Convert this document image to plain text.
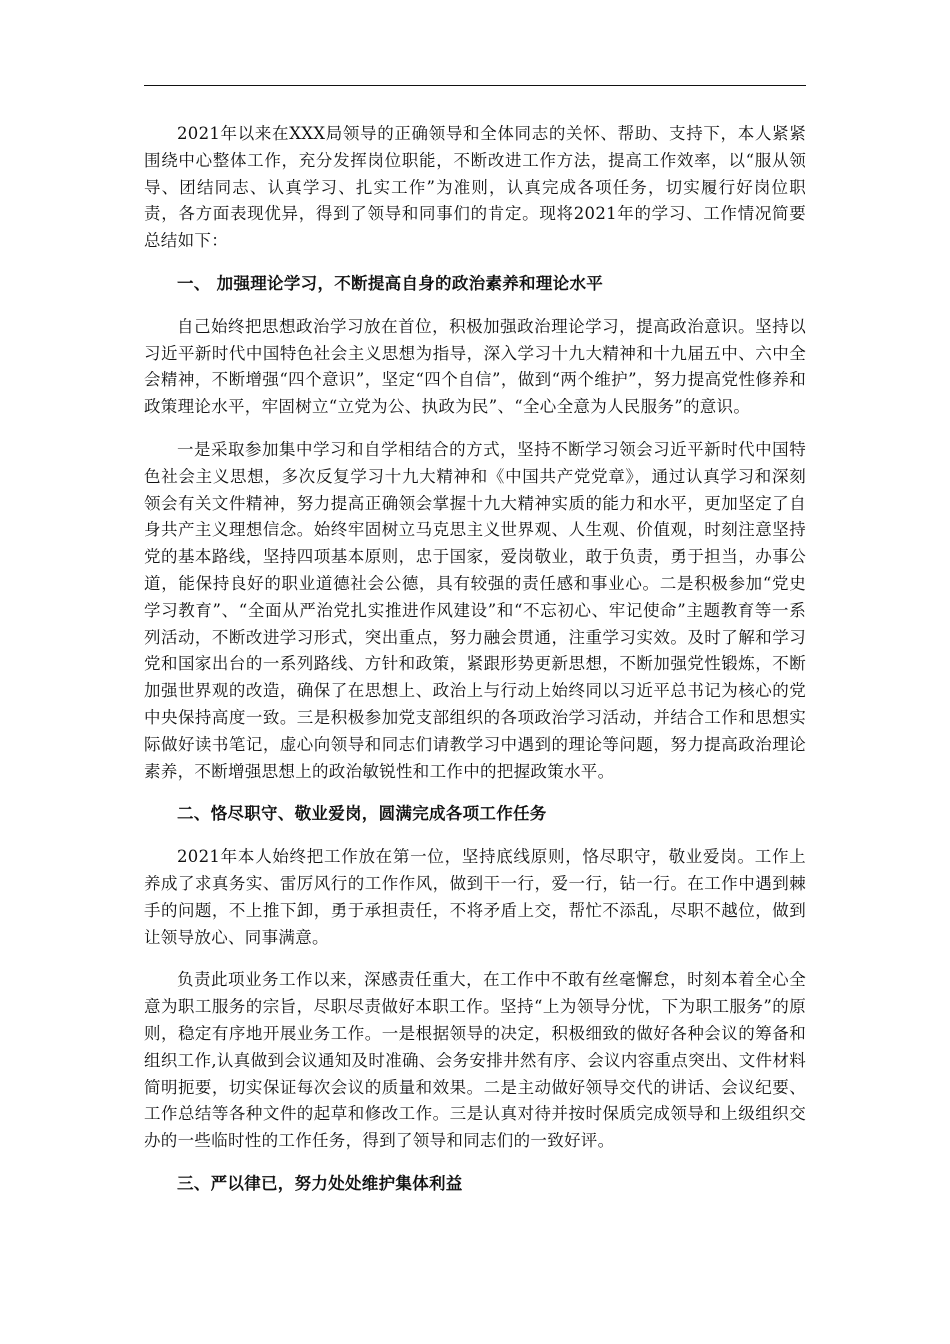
2021年以来在XXX局领导的正确领导和全体同志的关怀、帮助、支持下，本人紧紧围绕中心整体工作，充分发挥岗位职能，不断改进工作方法，提高工作效率，以“服从领导、团结同志、认真学习、扎实工作”为准则，认真完成各项任务，切实履行好岗位职责，各方面表现优异，得到了领导和同事们的肯定。现将2021年的学习、工作情况简要总结如下：

一、 加强理论学习，不断提高自身的政治素养和理论水平

自己始终把思想政治学习放在首位，积极加强政治理论学习，提高政治意识。坚持以习近平新时代中国特色社会主义思想为指导，深入学习十九大精神和十九届五中、六中全会精神，不断增强“四个意识”，坚定“四个自信”，做到“两个维护”，努力提高党性修养和政策理论水平，牢固树立“立党为公、执政为民”、“全心全意为人民服务”的意识。

一是采取参加集中学习和自学相结合的方式，坚持不断学习领会习近平新时代中国特色社会主义思想，多次反复学习十九大精神和《中国共产党党章》，通过认真学习和深刻领会有关文件精神，努力提高正确领会掌握十九大精神实质的能力和水平，更加坚定了自身共产主义理想信念。始终牢固树立马克思主义世界观、人生观、价值观，时刻注意坚持党的基本路线，坚持四项基本原则，忠于国家，爱岗敬业，敢于负责，勇于担当，办事公道，能保持良好的职业道德社会公德，具有较强的责任感和事业心。二是积极参加“党史学习教育”、“全面从严治党扎实推进作风建设”和“不忘初心、牢记使命”主题教育等一系列活动，不断改进学习形式，突出重点，努力融会贯通，注重学习实效。及时了解和学习党和国家出台的一系列路线、方针和政策，紧跟形势更新思想，不断加强党性锻炼，不断加强世界观的改造，确保了在思想上、政治上与行动上始终同以习近平总书记为核心的党中央保持高度一致。三是积极参加党支部组织的各项政治学习活动，并结合工作和思想实际做好读书笔记，虚心向领导和同志们请教学习中遇到的理论等问题，努力提高政治理论素养，不断增强思想上的政治敏锐性和工作中的把握政策水平。

二、恪尽职守、敬业爱岗，圆满完成各项工作任务

2021年本人始终把工作放在第一位，坚持底线原则，恪尽职守，敬业爱岗。工作上养成了求真务实、雷厉风行的工作作风，做到干一行，爱一行，钻一行。在工作中遇到棘手的问题，不上推下卸，勇于承担责任，不将矛盾上交，帮忙不添乱，尽职不越位，做到让领导放心、同事满意。

负责此项业务工作以来，深感责任重大，在工作中不敢有丝毫懈怠，时刻本着全心全意为职工服务的宗旨，尽职尽责做好本职工作。坚持“上为领导分忧，下为职工服务”的原则，稳定有序地开展业务工作。一是根据领导的决定，积极细致的做好各种会议的筹备和组织工作,认真做到会议通知及时准确、会务安排井然有序、会议内容重点突出、文件材料简明扼要，切实保证每次会议的质量和效果。二是主动做好领导交代的讲话、会议纪要、工作总结等各种文件的起草和修改工作。三是认真对待并按时保质完成领导和上级组织交办的一些临时性的工作任务，得到了领导和同志们的一致好评。

三、严以律已，努力处处维护集体利益
